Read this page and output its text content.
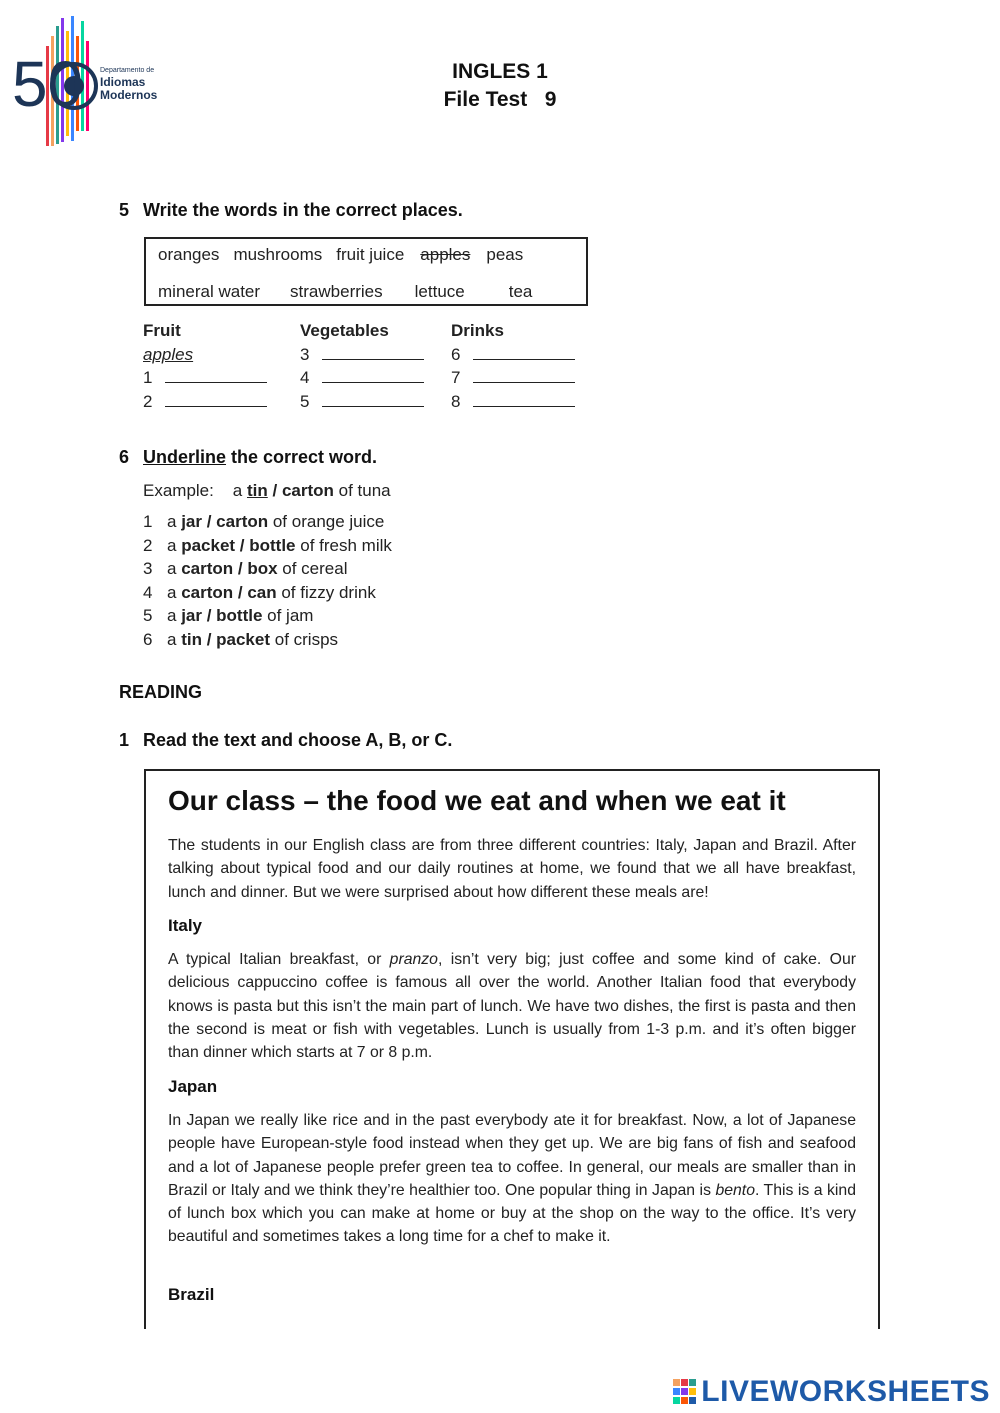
50 Departamento de
Idiomas
Modernos
INGLES 1
File Test   9
5 Write the words in the correct places.
oranges mushrooms fruit juice apples peas
mineral water strawberries lettuce	tea
Fruit
apples
1
2
Vegetables
3
4
5
Drinks
6
7
8
6 Underline the correct word.
Example: a tin / carton of tuna
1 a jar / carton of orange juice
2 a packet / bottle of fresh milk
3 a carton / box of cereal
4 a carton / can of fizzy drink
5 a jar / bottle of jam
6 a tin / packet of crisps
READING
1 Read the text and choose A, B, or C.
Our class – the food we eat and when we eat it
The students in our English class are from three different countries: Italy, Japan and Brazil. After talking about typical food and our daily routines at home, we found that we all have breakfast, lunch and dinner. But we were surprised about how different these meals are!
Italy
A typical Italian breakfast, or pranzo, isn’t very big; just coffee and some kind of cake. Our delicious cappuccino coffee is famous all over the world. Another Italian food that everybody knows is pasta but this isn’t the main part of lunch. We have two dishes, the first is pasta and then the second is meat or fish with vegetables. Lunch is usually from 1-3 p.m. and it’s often bigger than dinner which starts at 7 or 8 p.m.
Japan
In Japan we really like rice and in the past everybody ate it for breakfast. Now, a lot of Japanese people have European-style food instead when they get up. We are big fans of fish and seafood and a lot of Japanese people prefer green tea to coffee. In general, our meals are smaller than in Brazil or Italy and we think they’re healthier too. One popular thing in Japan is bento. This is a kind of lunch box which you can make at home or buy at the shop on the way to the office. It’s very beautiful and sometimes takes a long time for a chef to make it.
Brazil
LIVEWORKSHEETS
